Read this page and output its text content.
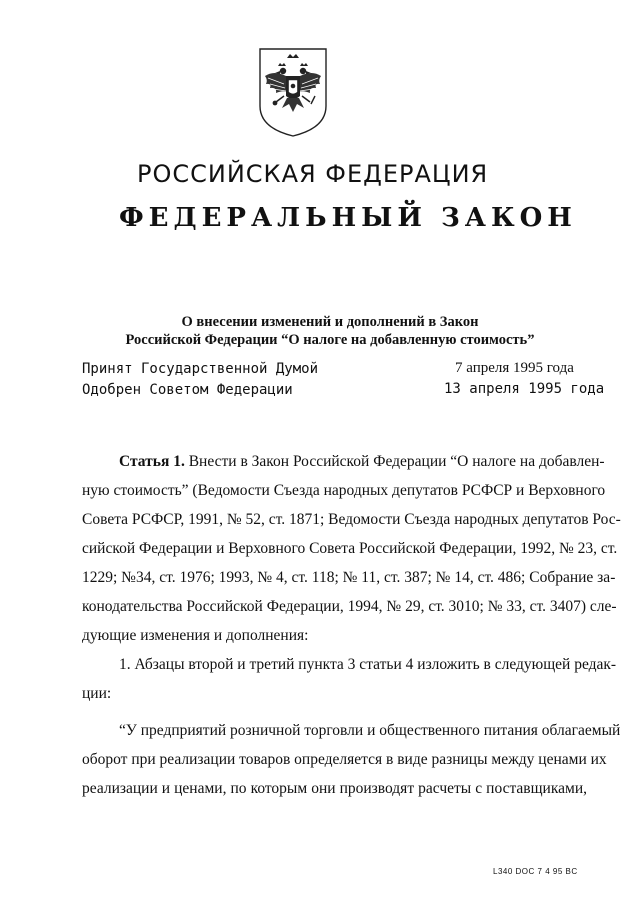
РОССИЙСКАЯ ФЕДЕРАЦИЯ
ФЕДЕРАЛЬНЫЙ ЗАКОН
О внесении изменений и дополнений в Закон
Российской Федерации “О налоге на добавленную стоимость”
Принят Государственной Думой	7 апреля 1995 года
Одобрен Советом Федерации	13 апреля 1995 года
Статья 1. Внести в Закон Российской Федерации “О налоге на добавлен-
ную стоимость” (Ведомости Съезда народных депутатов РСФСР и Верховного
Совета РСФСР, 1991, № 52, ст. 1871; Ведомости Съезда народных депутатов Рос-
сийской Федерации и Верховного Совета Российской Федерации, 1992, № 23, ст.
1229; №34, ст. 1976; 1993, № 4, ст. 118; № 11, ст. 387; № 14, ст. 486; Собрание за-
конодательства Российской Федерации, 1994, № 29, ст. 3010; № 33, ст. 3407) сле-
дующие изменения и дополнения:
1. Абзацы второй и третий пункта 3 статьи 4 изложить в следующей редак-
ции:
“У предприятий розничной торговли и общественного питания облагаемый
оборот при реализации товаров определяется в виде разницы между ценами их
реализации и ценами, по которым они производят расчеты с поставщиками,
L340 DOC 7 4 95 BC
